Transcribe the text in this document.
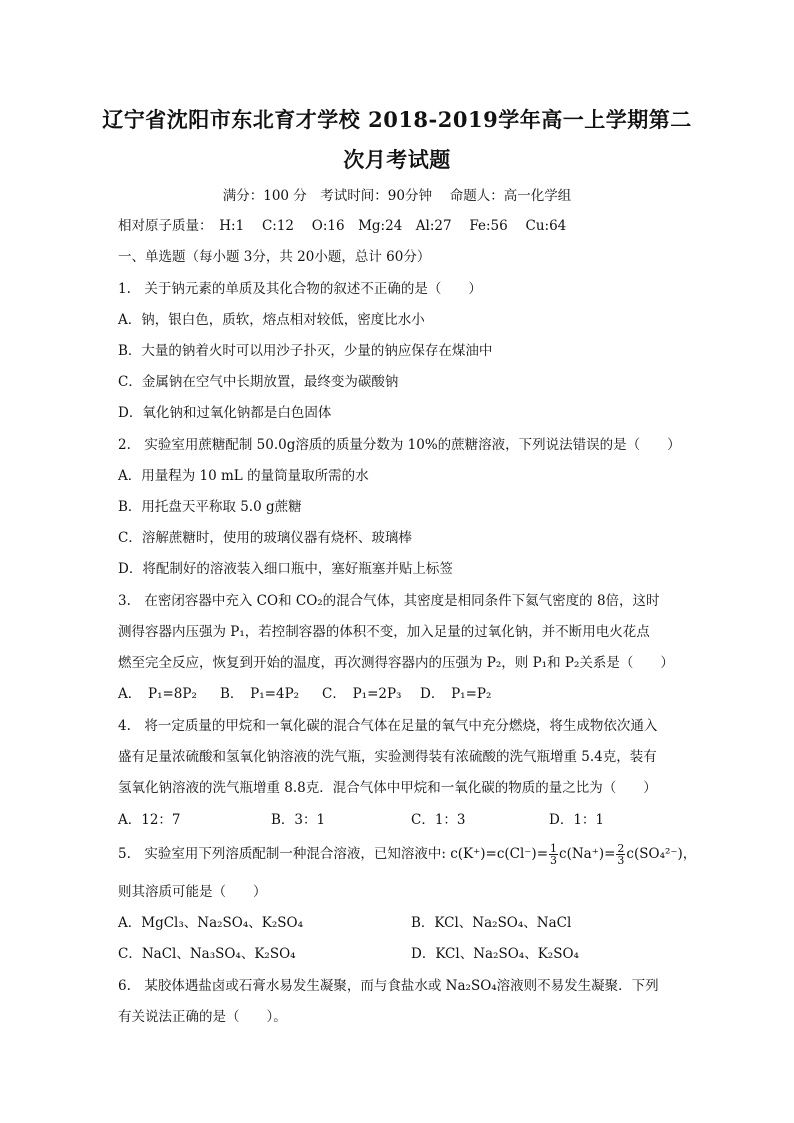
辽宁省沈阳市东北育才学校 2018-2019学年高一上学期第二
次月考试题
满分：100 分　考试时间：90分钟　 命题人：高一化学组
相对原子质量：　H:1　 C:12　 O:16　Mg:24　Al:27　 Fe:56　 Cu:64
一、单选题（每小题 3分，共 20小题，总计 60分）
1.　关于钠元素的单质及其化合物的叙述不正确的是（　　）
A．钠，银白色，质软，熔点相对较低，密度比水小
B．大量的钠着火时可以用沙子扑灭，少量的钠应保存在煤油中
C．金属钠在空气中长期放置，最终变为碳酸钠
D．氧化钠和过氧化钠都是白色固体
2.　实验室用蔗糖配制 50.0g溶质的质量分数为 10%的蔗糖溶液，下列说法错误的是（　　）
A．用量程为 10 mL 的量筒量取所需的水
B．用托盘天平称取 5.0 g蔗糖
C．溶解蔗糖时，使用的玻璃仪器有烧杯、玻璃棒
D．将配制好的溶液装入细口瓶中，塞好瓶塞并贴上标签
3.　在密闭容器中充入 CO和 CO₂的混合气体，其密度是相同条件下氦气密度的 8倍，这时
测得容器内压强为 P₁，若控制容器的体积不变，加入足量的过氧化钠，并不断用电火花点
燃至完全反应，恢复到开始的温度，再次测得容器内的压强为 P₂，则 P₁和 P₂关系是（　　）
A．　P₁=8P₂ B．　P₁=4P₂ C．　P₁=2P₃ D．　P₁=P₂
4.　将一定质量的甲烷和一氧化碳的混合气体在足量的氧气中充分燃烧，将生成物依次通入
盛有足量浓硫酸和氢氧化钠溶液的洗气瓶，实验测得装有浓硫酸的洗气瓶增重 5.4克，装有
氢氧化钠溶液的洗气瓶增重 8.8克．混合气体中甲烷和一氧化碳的物质的量之比为（　　）
A．12：7	B．3：1	C．1：3	D．1：1
5.　实验室用下列溶质配制一种混合溶液，已知溶液中: $c(K^+)=c(Cl^-)= \frac{1}{3} c(Na^+)= \frac{2}{3} c(SO_4^{2-})$，
则其溶质可能是（　　）
A．MgCl₃、Na₂SO₄、K₂SO₄	B．KCl、Na₂SO₄、NaCl
C．NaCl、Na₃SO₄、K₂SO₄	D．KCl、Na₂SO₄、K₂SO₄
6.　某胶体遇盐卤或石膏水易发生凝聚，而与食盐水或 Na₂SO₄溶液则不易发生凝聚．下列
有关说法正确的是（　　）。
